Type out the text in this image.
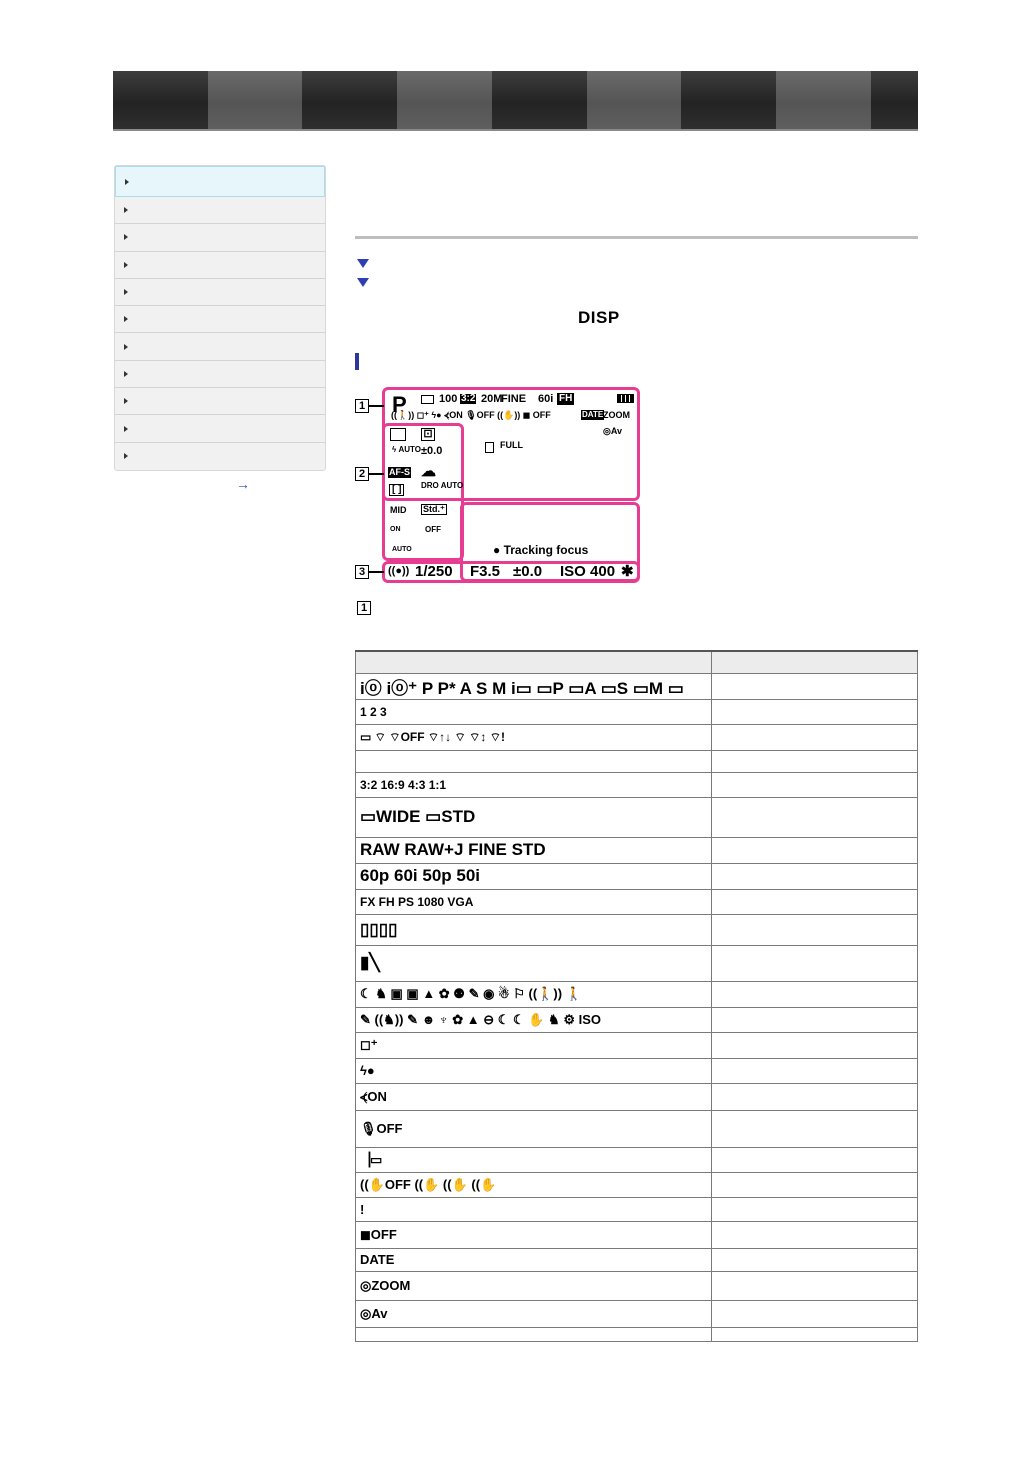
→
DISP
1
2
3
P	100 3:2 20M
FINE 60i FH
((🚶)) ◻⁺ ϟ● ⦓ON 🎙OFF ((✋)) ◼ OFF	DATE ZOOM
◎Av
FULL
⊡
ϟ AUTO ±0.0
AF-S ☁
[ ]	DRO AUTO
MID Std.⁺
ON	OFF
AUTO	● Tracking focus
((●)) 1/250 F3.5 ±0.0 ISO 400 ✱
1

iⓞ iⓞ⁺ P P* A S M i▭ ▭P ▭A ▭S ▭M ▭	
1 2 3	
▭ ⌔ ⌔OFF ⌔↑↓ ⌔ ⌔↕ ⌔!	

3:2 16:9 4:3 1:1	
▭WIDE ▭STD	
RAW RAW+J FINE STD	
60p 60i 50p 50i	
FX FH PS 1080 VGA	
▯▯▯▯	
▮╲	
☾ ♞ ▣ ▣ ▲ ✿ ⚉ ✎ ◉ ☃ ⚐ ((🚶)) 🚶	
✎ ((♞)) ✎ ☻ ♆ ✿ ▲ ⊖ ☾ ☾ ✋ ♞ ⚙ ISO	
◻⁺	
ϟ●	
⦓ON	
🎙OFF	
▕▭	
((✋OFF ((✋ ((✋ ((✋	
!	
◼OFF	
DATE	
◎ZOOM	
◎Av	
